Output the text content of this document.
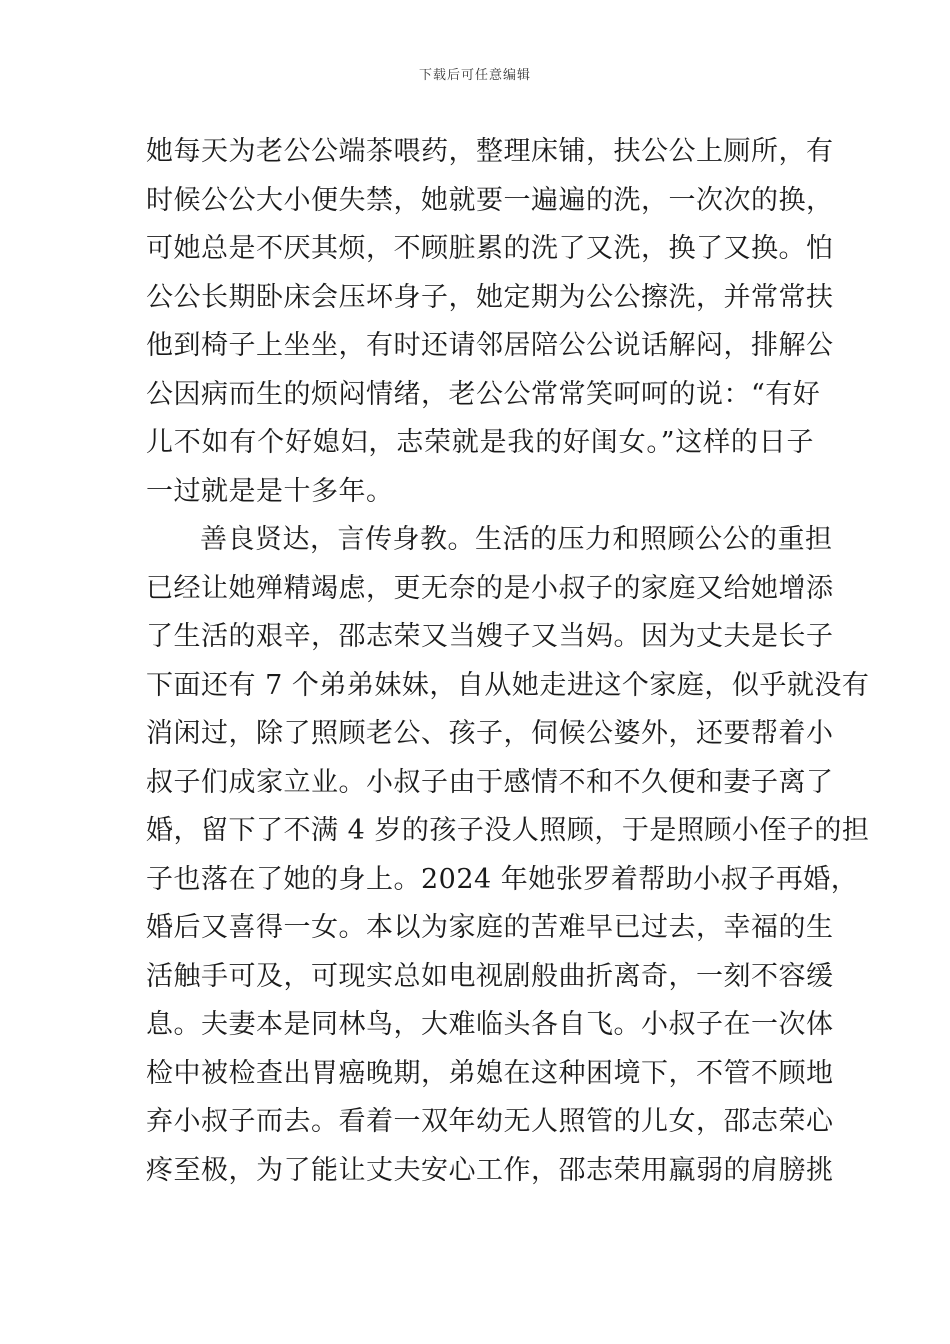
下载后可任意编辑
她每天为老公公端茶喂药，整理床铺，扶公公上厕所，有
时候公公大小便失禁，她就要一遍遍的洗，一次次的换，
可她总是不厌其烦，不顾脏累的洗了又洗，换了又换。怕
公公长期卧床会压坏身子，她定期为公公擦洗，并常常扶
他到椅子上坐坐，有时还请邻居陪公公说话解闷，排解公
公因病而生的烦闷情绪，老公公常常笑呵呵的说：“有好
儿不如有个好媳妇，志荣就是我的好闺女。”这样的日子
一过就是是十多年。
善良贤达，言传身教。生活的压力和照顾公公的重担
已经让她殚精竭虑，更无奈的是小叔子的家庭又给她增添
了生活的艰辛，邵志荣又当嫂子又当妈。因为丈夫是长子
下面还有 7 个弟弟妹妹，自从她走进这个家庭，似乎就没有
消闲过，除了照顾老公、孩子，伺候公婆外，还要帮着小
叔子们成家立业。小叔子由于感情不和不久便和妻子离了
婚，留下了不满 4 岁的孩子没人照顾，于是照顾小侄子的担
子也落在了她的身上。2024 年她张罗着帮助小叔子再婚，
婚后又喜得一女。本以为家庭的苦难早已过去，幸福的生
活触手可及，可现实总如电视剧般曲折离奇，一刻不容缓
息。夫妻本是同林鸟，大难临头各自飞。小叔子在一次体
检中被检查出胃癌晚期，弟媳在这种困境下，不管不顾地
弃小叔子而去。看着一双年幼无人照管的儿女，邵志荣心
疼至极，为了能让丈夫安心工作，邵志荣用羸弱的肩膀挑
